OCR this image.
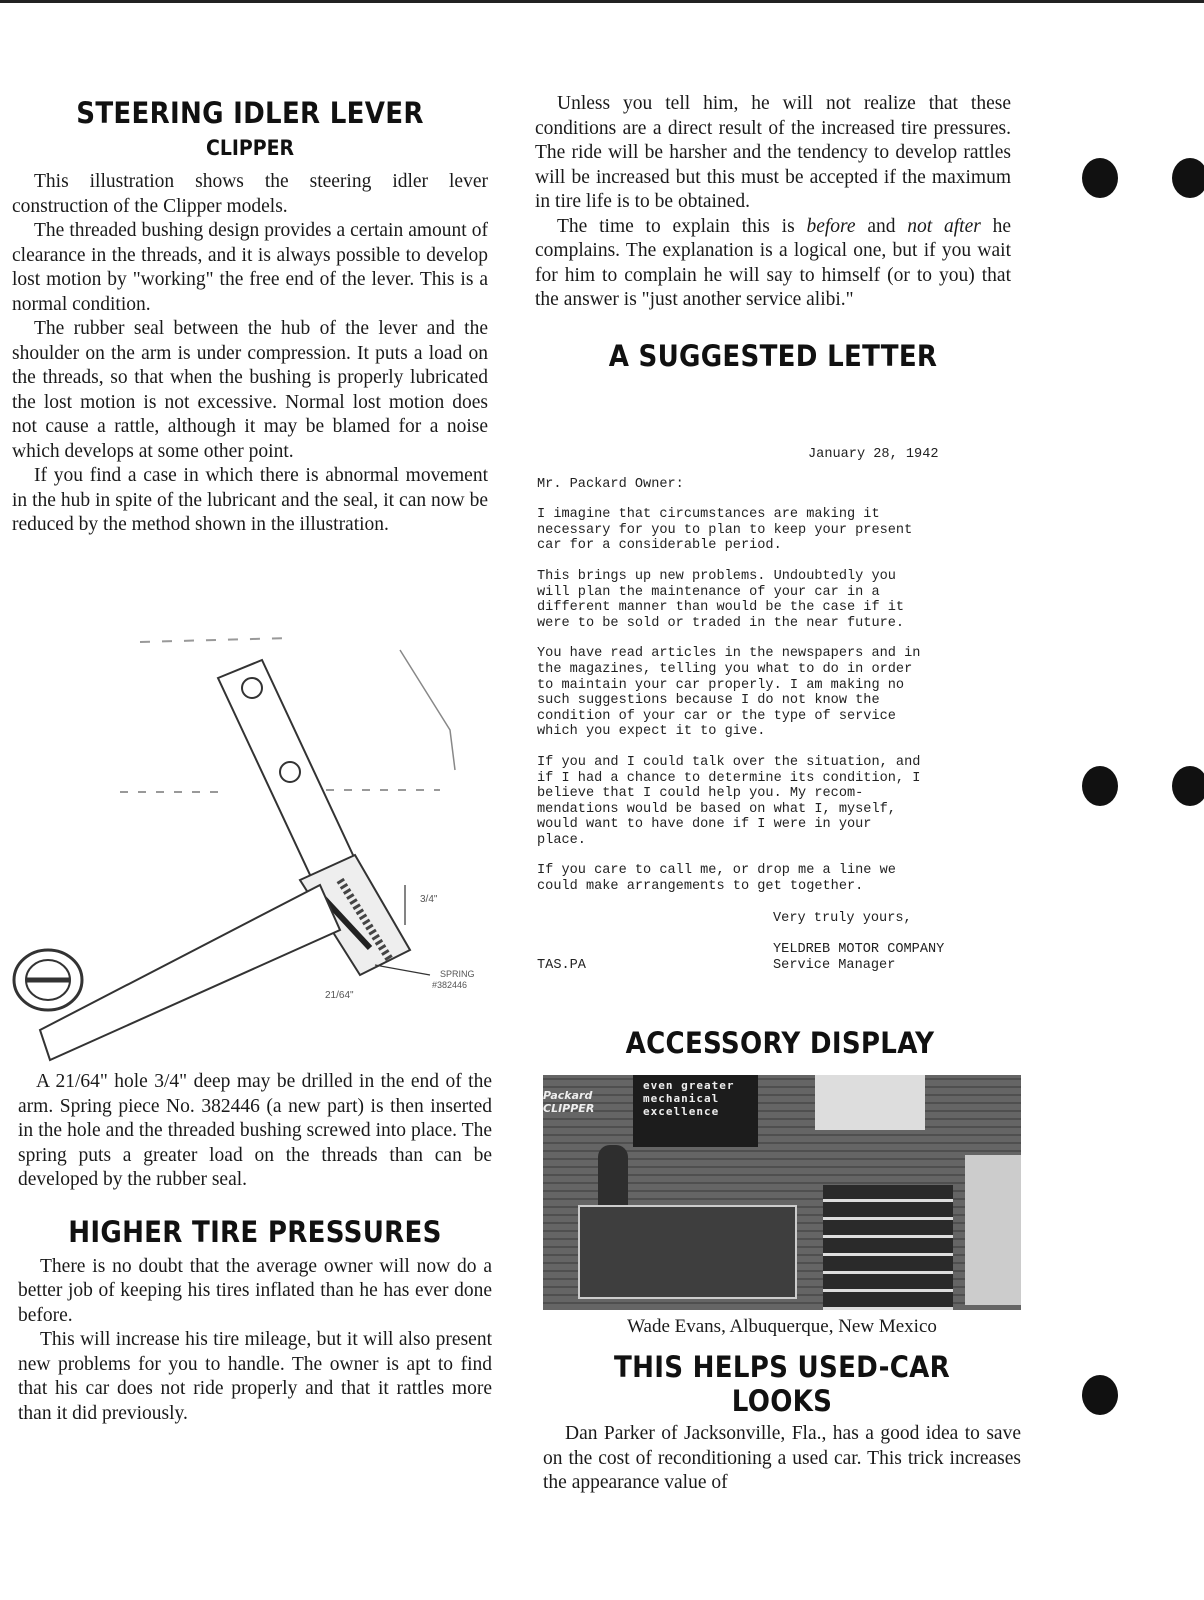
STEERING IDLER LEVER
CLIPPER

This illustration shows the steering idler lever construction of the Clipper models.

The threaded bushing design provides a certain amount of clearance in the threads, and it is always possible to develop lost motion by "working" the free end of the lever. This is a normal condition.

The rubber seal between the hub of the lever and the shoulder on the arm is under compression. It puts a load on the threads, so that when the bushing is properly lubricated the lost motion is not excessive. Normal lost motion does not cause a rattle, although it may be blamed for a noise which develops at some other point.

If you find a case in which there is abnormal movement in the hub in spite of the lubricant and the seal, it can now be reduced by the method shown in the illustration.

3/4"
21/64"
SPRING
#382446

A 21/64" hole 3/4" deep may be drilled in the end of the arm. Spring piece No. 382446 (a new part) is then inserted in the hole and the threaded bushing screwed into place. The spring puts a greater load on the threads than can be developed by the rubber seal.

HIGHER TIRE PRESSURES

There is no doubt that the average owner will now do a better job of keeping his tires inflated than he has ever done before.

This will increase his tire mileage, but it will also present new problems for you to handle. The owner is apt to find that his car does not ride properly and that it rattles more than it did previously.

Unless you tell him, he will not realize that these conditions are a direct result of the increased tire pressures. The ride will be harsher and the tendency to develop rattles will be increased but this must be accepted if the maximum in tire life is to be obtained.

The time to explain this is before and not after he complains. The explanation is a logical one, but if you wait for him to complain he will say to himself (or to you) that the answer is "just another service alibi."

A SUGGESTED LETTER
January 28, 1942
Mr. Packard Owner:
I imagine that circumstances are making it
necessary for you to plan to keep your present
car for a considerable period.
This brings up new problems. Undoubtedly you
will plan the maintenance of your car in a
different manner than would be the case if it
were to be sold or traded in the near future.
You have read articles in the newspapers and in
the magazines, telling you what to do in order
to maintain your car properly. I am making no
such suggestions because I do not know the
condition of your car or the type of service
which you expect it to give.
If you and I could talk over the situation, and
if I had a chance to determine its condition, I
believe that I could help you. My recom-
mendations would be based on what I, myself,
would want to have done if I were in your
place.
If you care to call me, or drop me a line we
could make arrangements to get together.
Very truly yours,
YELDREB MOTOR COMPANY
Service Manager
TAS.PA
ACCESSORY DISPLAY
even greater
mechanical
excellence
Packard
CLIPPER
Wade Evans, Albuquerque, New Mexico
THIS HELPS USED-CAR LOOKS

Dan Parker of Jacksonville, Fla., has a good idea to save on the cost of reconditioning a used car. This trick increases the appearance value of
